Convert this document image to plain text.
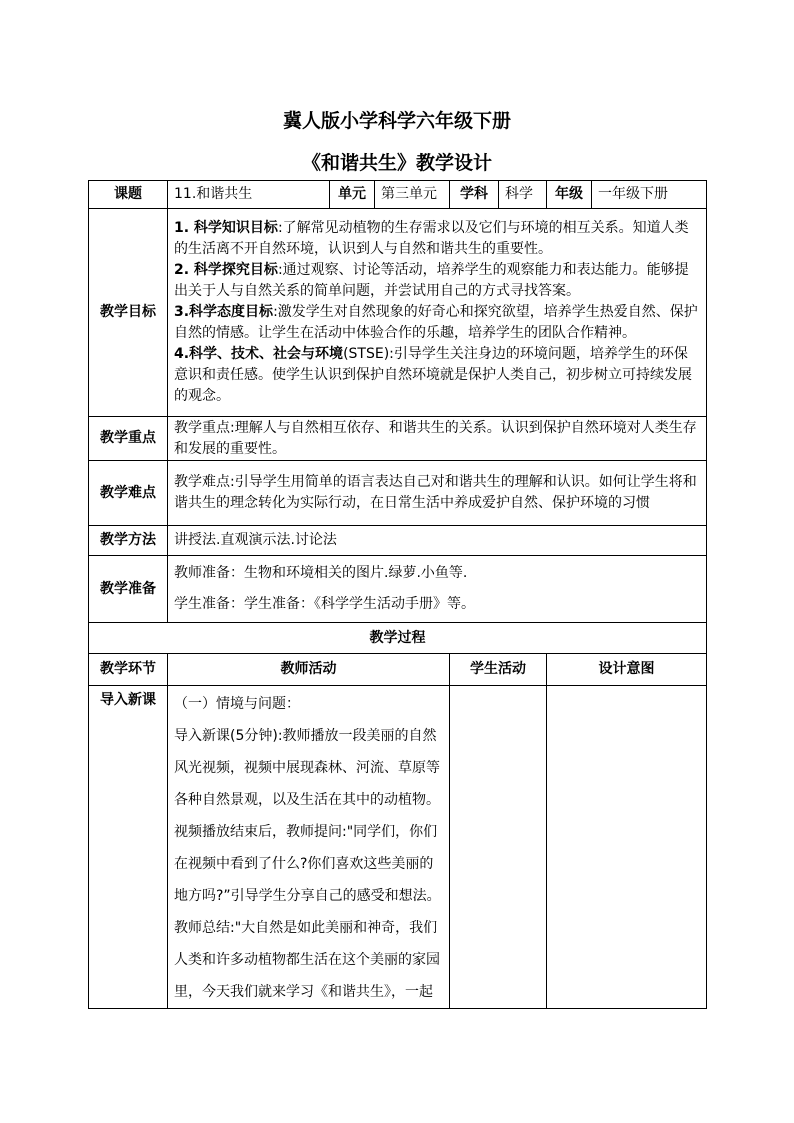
冀人版小学科学六年级下册
《和谐共生》教学设计
课题	11.和谐共生	单元	第三单元	学科	科学	年级	一年级下册
教学目标	1. 科学知识目标:了解常见动植物的生存需求以及它们与环境的相互关系。知道人类的生活离不开自然环境，认识到人与自然和谐共生的重要性。

2. 科学探究目标:通过观察、讨论等活动，培养学生的观察能力和表达能力。能够提出关于人与自然关系的简单问题，并尝试用自己的方式寻找答案。

3.科学态度目标:激发学生对自然现象的好奇心和探究欲望，培养学生热爱自然、保护自然的情感。让学生在活动中体验合作的乐趣，培养学生的团队合作精神。

4.科学、技术、社会与环境(STSE):引导学生关注身边的环境问题，培养学生的环保意识和责任感。使学生认识到保护自然环境就是保护人类自己，初步树立可持续发展的观念。						

教学重点	教学重点:理解人与自然相互依存、和谐共生的关系。认识到保护自然环境对人类生存和发展的重要性。						
教学难点	教学难点:引导学生用简单的语言表达自己对和谐共生的理解和认识。如何让学生将和谐共生的理念转化为实际行动，在日常生活中养成爱护自然、保护环境的习惯						
教学方法	讲授法.直观演示法.讨论法						
教学准备	教师准备：生物和环境相关的图片.绿萝.小鱼等.
学生准备：学生准备：《科学学生活动手册》等。						

教学过程							
教学环节	教师活动			学生活动		设计意图	
导入新课	（一）情境与问题：

导入新课(5分钟):教师播放一段美丽的自然风光视频，视频中展现森林、河流、草原等各种自然景观，以及生活在其中的动植物。视频播放结束后，教师提问:"同学们，你们在视频中看到了什么?你们喜欢这些美丽的地方吗?”引导学生分享自己的感受和想法。教师总结:"大自然是如此美丽和神奇，我们人类和许多动植物都生活在这个美丽的家园里，今天我们就来学习《和谐共生》，一起						
